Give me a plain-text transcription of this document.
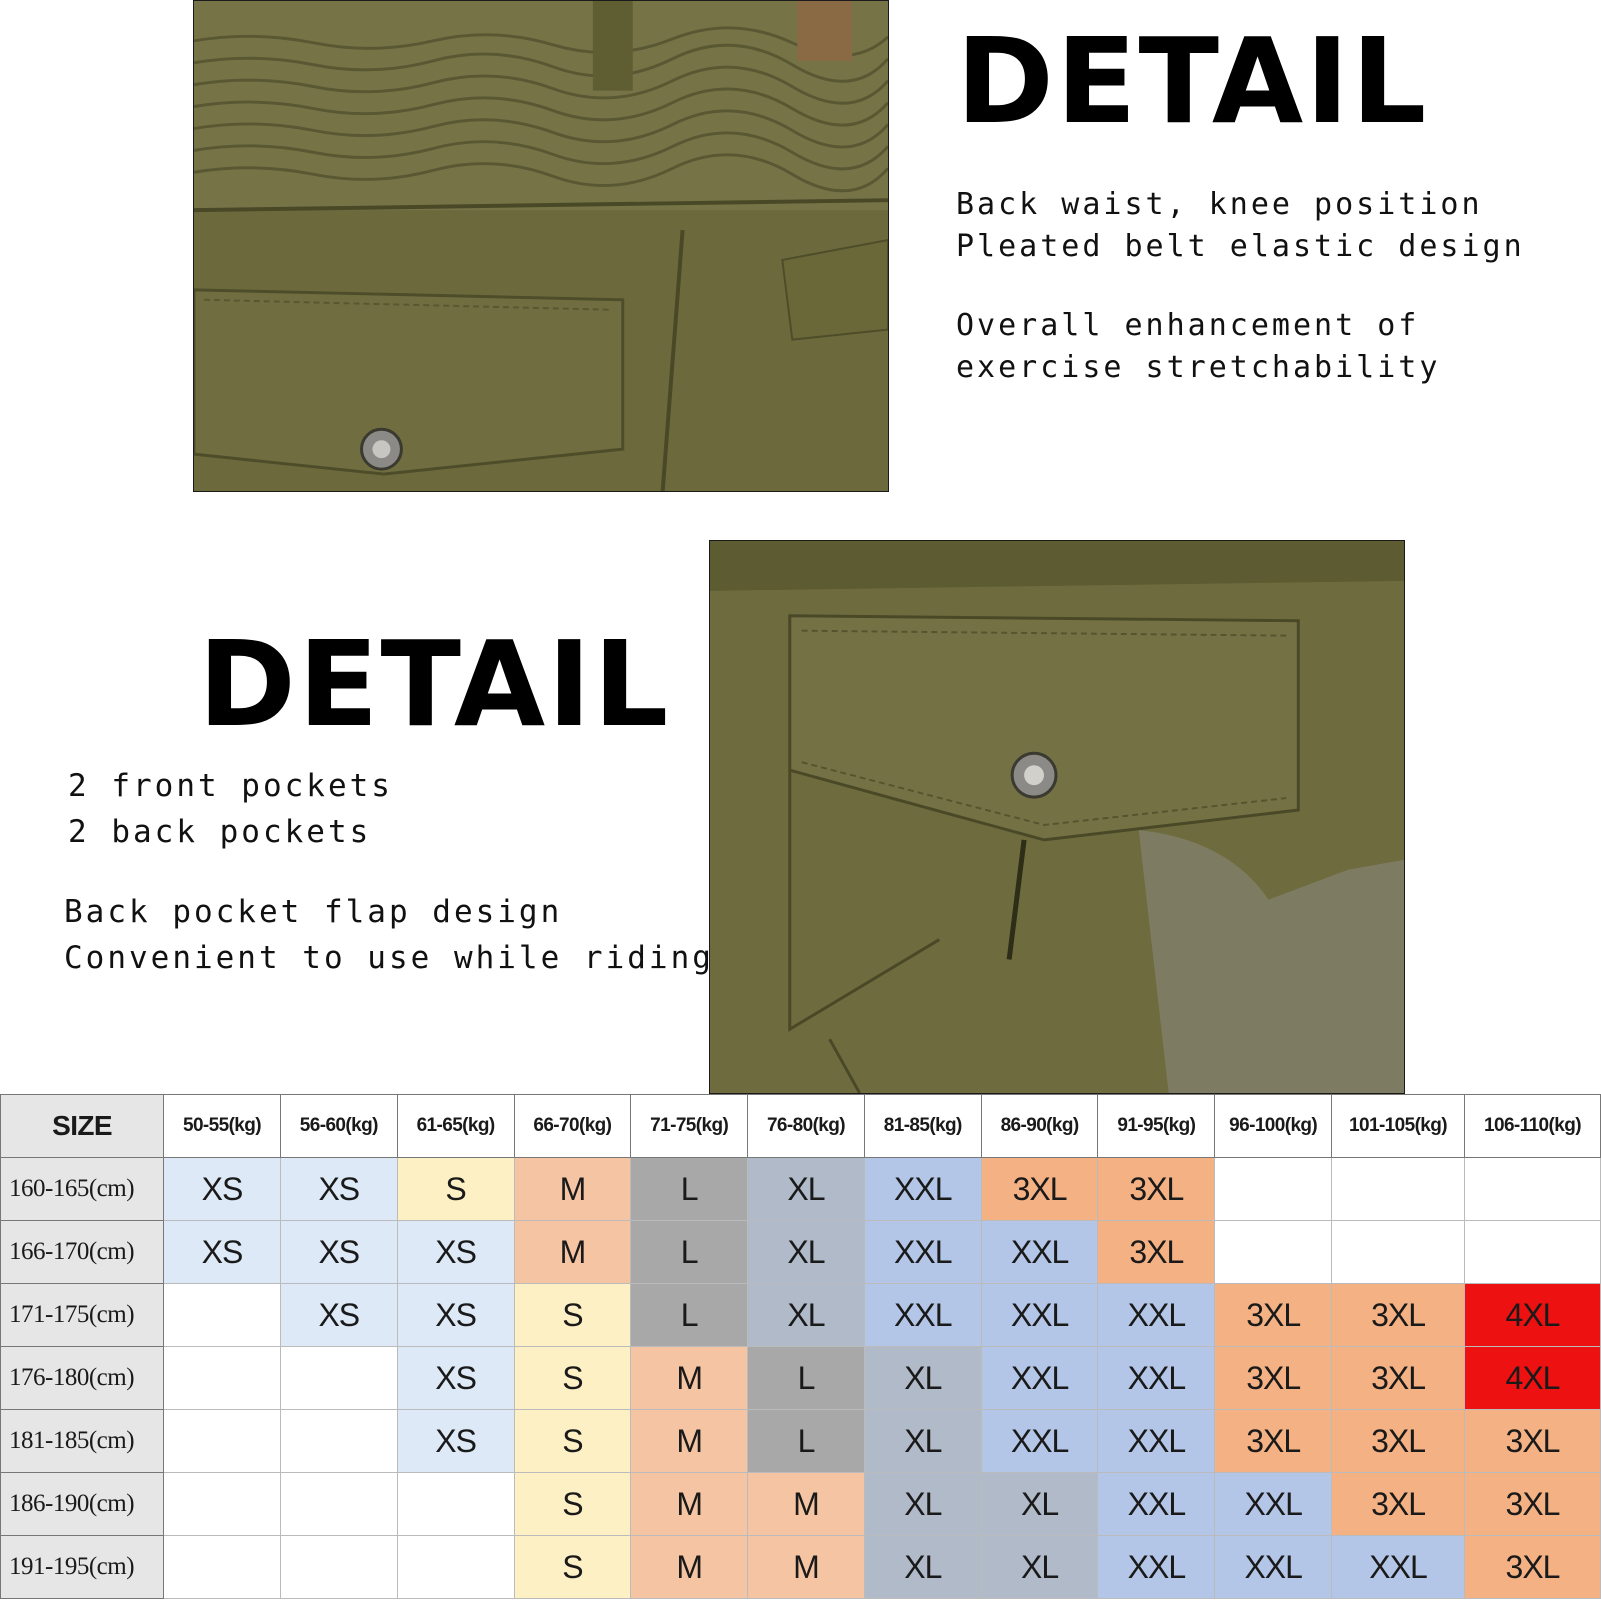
DETAIL
Back waist, knee position
Pleated belt elastic design
Overall enhancement of
exercise stretchability
DETAIL
2 front pockets
2 back pockets
Back pocket flap design
Convenient to use while riding
SIZE	50-55(kg)	56-60(kg)	61-65(kg)	66-70(kg)	71-75(kg)	76-80(kg)	81-85(kg)	86-90(kg)	91-95(kg)	96-100(kg)	101-105(kg)	106-110(kg)
160-165(cm)	XS	XS	S	M	L	XL	XXL	3XL	3XL			
166-170(cm)	XS	XS	XS	M	L	XL	XXL	XXL	3XL			
171-175(cm)		XS	XS	S	L	XL	XXL	XXL	XXL	3XL	3XL	4XL
176-180(cm)			XS	S	M	L	XL	XXL	XXL	3XL	3XL	4XL
181-185(cm)			XS	S	M	L	XL	XXL	XXL	3XL	3XL	3XL
186-190(cm)				S	M	M	XL	XL	XXL	XXL	3XL	3XL
191-195(cm)				S	M	M	XL	XL	XXL	XXL	XXL	3XL
